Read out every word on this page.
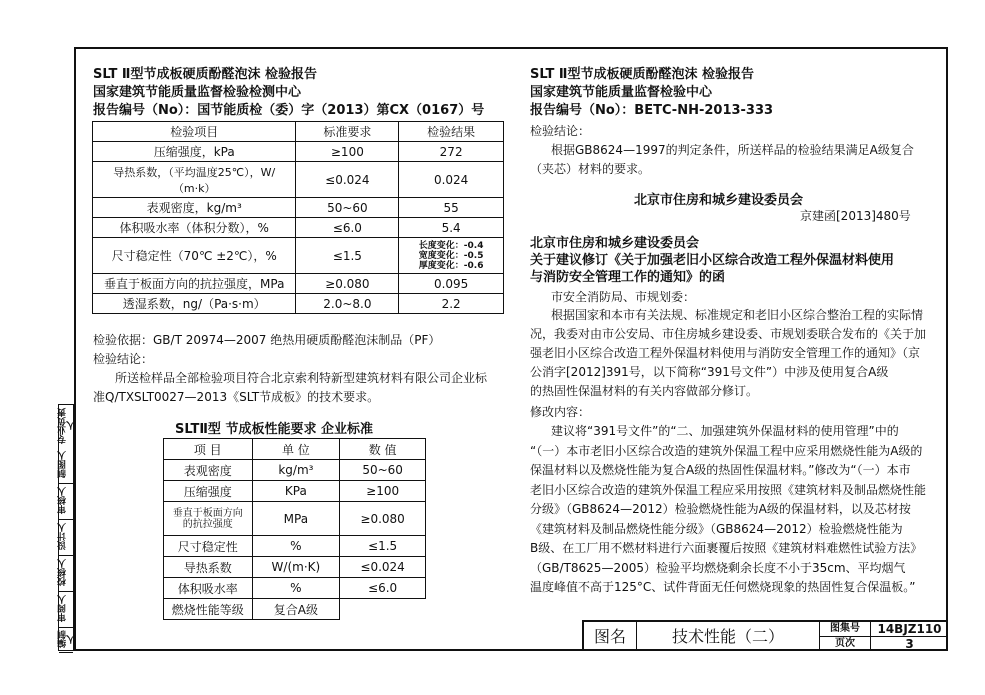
SLT Ⅱ型节成板硬质酚醛泡沫 检验报告
国家建筑节能质量监督检验检测中心
报告编号（No）：国节能质检（委）字（2013）第CX（0167）号
检验项目	标准要求	检验结果
压缩强度，kPa	≥100	272
导热系数，（平均温度25℃），W/（m·k）	≤0.024	0.024
表观密度，kg/m³	50~60	55
体积吸水率（体积分数），%	≤6.0	5.4
尺寸稳定性（70℃ ±2℃），%	≤1.5	长度变化：-0.4
宽度变化：-0.5
厚度变化：-0.6

垂直于板面方向的抗拉强度，MPa	≥0.080	0.095
透湿系数，ng/（Pa·s·m）	2.0~8.0	2.2
检验依据：GB/T 20974—2007 绝热用硬质酚醛泡沫制品（PF）
检验结论：
所送检样品全部检验项目符合北京索利特新型建筑材料有限公司企业标
准Q/TXSLT0027—2013《SLT节成板》的技术要求。
SLTⅡ型 节成板性能要求 企业标准
项 目	单 位	数 值
表观密度	kg/m³	50~60
压缩强度	KPa	≥100
垂直于板面方向的抗拉强度	MPa	≥0.080
尺寸稳定性	%	≤1.5
导热系数	W/(m·K)	≤0.024
体积吸水率	%	≤6.0
燃烧性能等级	复合A级	
SLT Ⅱ型节成板硬质酚醛泡沫 检验报告
国家建筑节能质量监督检验中心
报告编号（No）：BETC-NH-2013-333
检验结论：
根据GB8624—1997的判定条件，所送样品的检验结果满足A级复合
（夹芯）材料的要求。
北京市住房和城乡建设委员会
京建函[2013]480号
北京市住房和城乡建设委员会
关于建议修订《关于加强老旧小区综合改造工程外保温材料使用
与消防安全管理工作的通知》的函
市安全消防局、市规划委：
根据国家和本市有关法规、标准规定和老旧小区综合整治工程的实际情
况，我委对由市公安局、市住房城乡建设委、市规划委联合发布的《关于加
强老旧小区综合改造工程外保温材料使用与消防安全管理工作的通知》（京
公消字[2012]391号，以下简称“391号文件”）中涉及使用复合A级
的热固性保温材料的有关内容做部分修订。
修改内容：
建议将“391号文件”的“二、加强建筑外保温材料的使用管理”中的
“（一）本市老旧小区综合改造的建筑外保温工程中应采用燃烧性能为A级的
保温材料以及燃烧性能为复合A级的热固性保温材料。”修改为“（一）本市
老旧小区综合改造的建筑外保温工程应采用按照《建筑材料及制品燃烧性能
分级》（GB8624—2012）检验燃烧性能为A级的保温材料，以及芯材按
《建筑材料及制品燃烧性能分级》（GB8624—2012）检验燃烧性能为
B级、在工厂用不燃材料进行六面裹覆后按照《建筑材料难燃性试验方法》
（GB/T8625—2005）检验平均燃烧剩余长度不小于35cm、平均烟气
温度峰值不高于125°C、试件背面无任何燃烧现象的热固性复合保温板。”
编制人
审阅人
校核人
设计人
审核人
制图人
专业负责人
图名	技术性能（二）	图集号	14BJZ110
页次	3
